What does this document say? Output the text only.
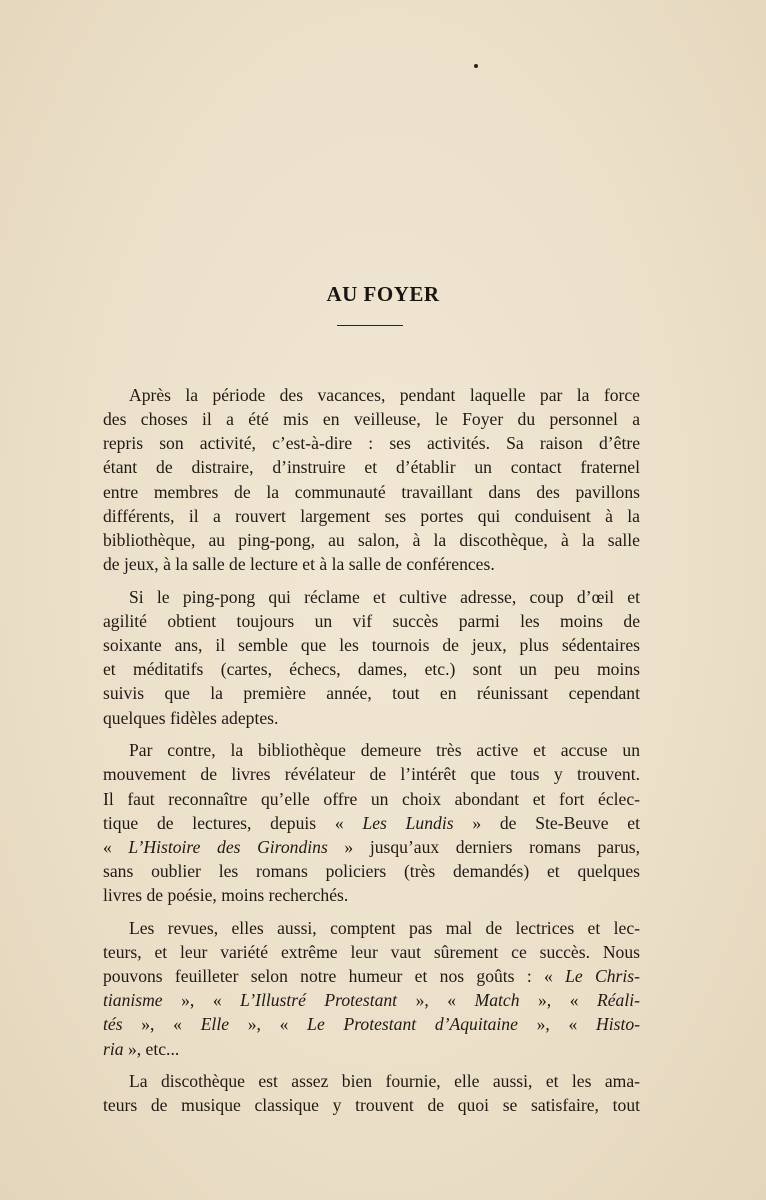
AU FOYER
Après la période des vacances, pendant laquelle par la force
des choses il a été mis en veilleuse, le Foyer du personnel a
repris son activité, c’est-à-dire : ses activités. Sa raison d’être
étant de distraire, d’instruire et d’établir un contact fraternel
entre membres de la communauté travaillant dans des pavillons
différents, il a rouvert largement ses portes qui conduisent à la
bibliothèque, au ping-pong, au salon, à la discothèque, à la salle
de jeux, à la salle de lecture et à la salle de conférences.
Si le ping-pong qui réclame et cultive adresse, coup d’œil et
agilité obtient toujours un vif succès parmi les moins de
soixante ans, il semble que les tournois de jeux, plus sédentaires
et méditatifs (cartes, échecs, dames, etc.) sont un peu moins
suivis que la première année, tout en réunissant cependant
quelques fidèles adeptes.
Par contre, la bibliothèque demeure très active et accuse un
mouvement de livres révélateur de l’intérêt que tous y trouvent.
Il faut reconnaître qu’elle offre un choix abondant et fort éclec-
tique de lectures, depuis « Les Lundis » de Ste-Beuve et
« L’Histoire des Girondins » jusqu’aux derniers romans parus,
sans oublier les romans policiers (très demandés) et quelques
livres de poésie, moins recherchés.
Les revues, elles aussi, comptent pas mal de lectrices et lec-
teurs, et leur variété extrême leur vaut sûrement ce succès. Nous
pouvons feuilleter selon notre humeur et nos goûts : « Le Chris-
tianisme », « L’Illustré Protestant », « Match », « Réali-
tés », « Elle », « Le Protestant d’Aquitaine », « Histo-
ria », etc...
La discothèque est assez bien fournie, elle aussi, et les ama-
teurs de musique classique y trouvent de quoi se satisfaire, tout
